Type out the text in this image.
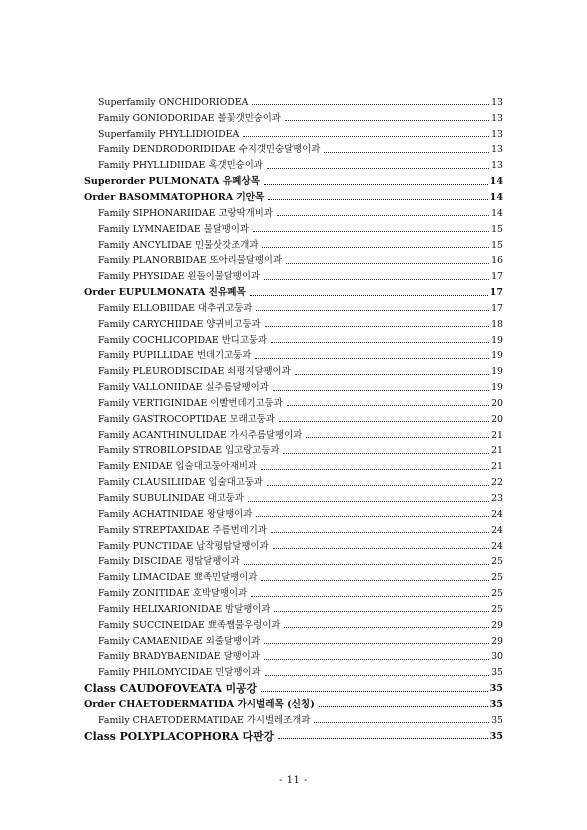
Superfamily ONCHIDORIODEA	13
Family GONIODORIDAE 볼꽃갯민숭이과	13
Superfamily PHYLLIDIOIDEA	13
Family DENDRODORIDIDAE 수지갯민숭달팽이과	13
Family PHYLLIDIIDAE 혹갯민숭이과	13
Superorder PULMONATA 유폐상목	14
Order BASOMMATOPHORA 기안목	14
Family SIPHONARIIDAE 고랑딱개비과	14
Family LYMNAEIDAE 물달팽이과	15
Family ANCYLIDAE 민물삿갓조개과	15
Family PLANORBIDAE 또아리물달팽이과	16
Family PHYSIDAE 왼돌이물달팽이과	17
Order EUPULMONATA 진유폐목	17
Family ELLOBIIDAE 대추귀고둥과	17
Family CARYCHIIDAE 양귀비고둥과	18
Family COCHLICOPIDAE 반디고둥과	19
Family PUPILLIDAE 번데기고둥과	19
Family PLEURODISCIDAE 쇠평지달팽이과	19
Family VALLONIIDAE 실주름달팽이과	19
Family VERTIGINIDAE 이빨번데기고둥과	20
Family GASTROCOPTIDAE 모래고둥과	20
Family ACANTHINULIDAE 가시주름달팽이과	21
Family STROBILOPSIDAE 입고랑고둥과	21
Family ENIDAE 입술대고둥아재비과	21
Family CLAUSILIIDAE 입술대고둥과	22
Family SUBULINIDAE 대고둥과	23
Family ACHATINIDAE 왕달팽이과	24
Family STREPTAXIDAE 주름번데기과	24
Family PUNCTIDAE 납작평탑달팽이과	24
Family DISCIDAE 평탑달팽이과	25
Family LIMACIDAE 뾰족민달팽이과	25
Family ZONITIDAE 호박달팽이과	25
Family HELIXARIONIDAE 밤달팽이과	25
Family SUCCINEIDAE 뾰족쨈물우렁이과	29
Family CAMAENIDAE 외줄달팽이과	29
Family BRADYBAENIDAE 달팽이과	30
Family PHILOMYCIDAE 민달팽이과	35
Class CAUDOFOVEATA 미공강	35
Order CHAETODERMATIDA 가시벌레목 (신칭)	35
Family CHAETODERMATIDAE 가시벌레조개과	35
Class POLYPLACOPHORA 다판강	35
- 11 -
